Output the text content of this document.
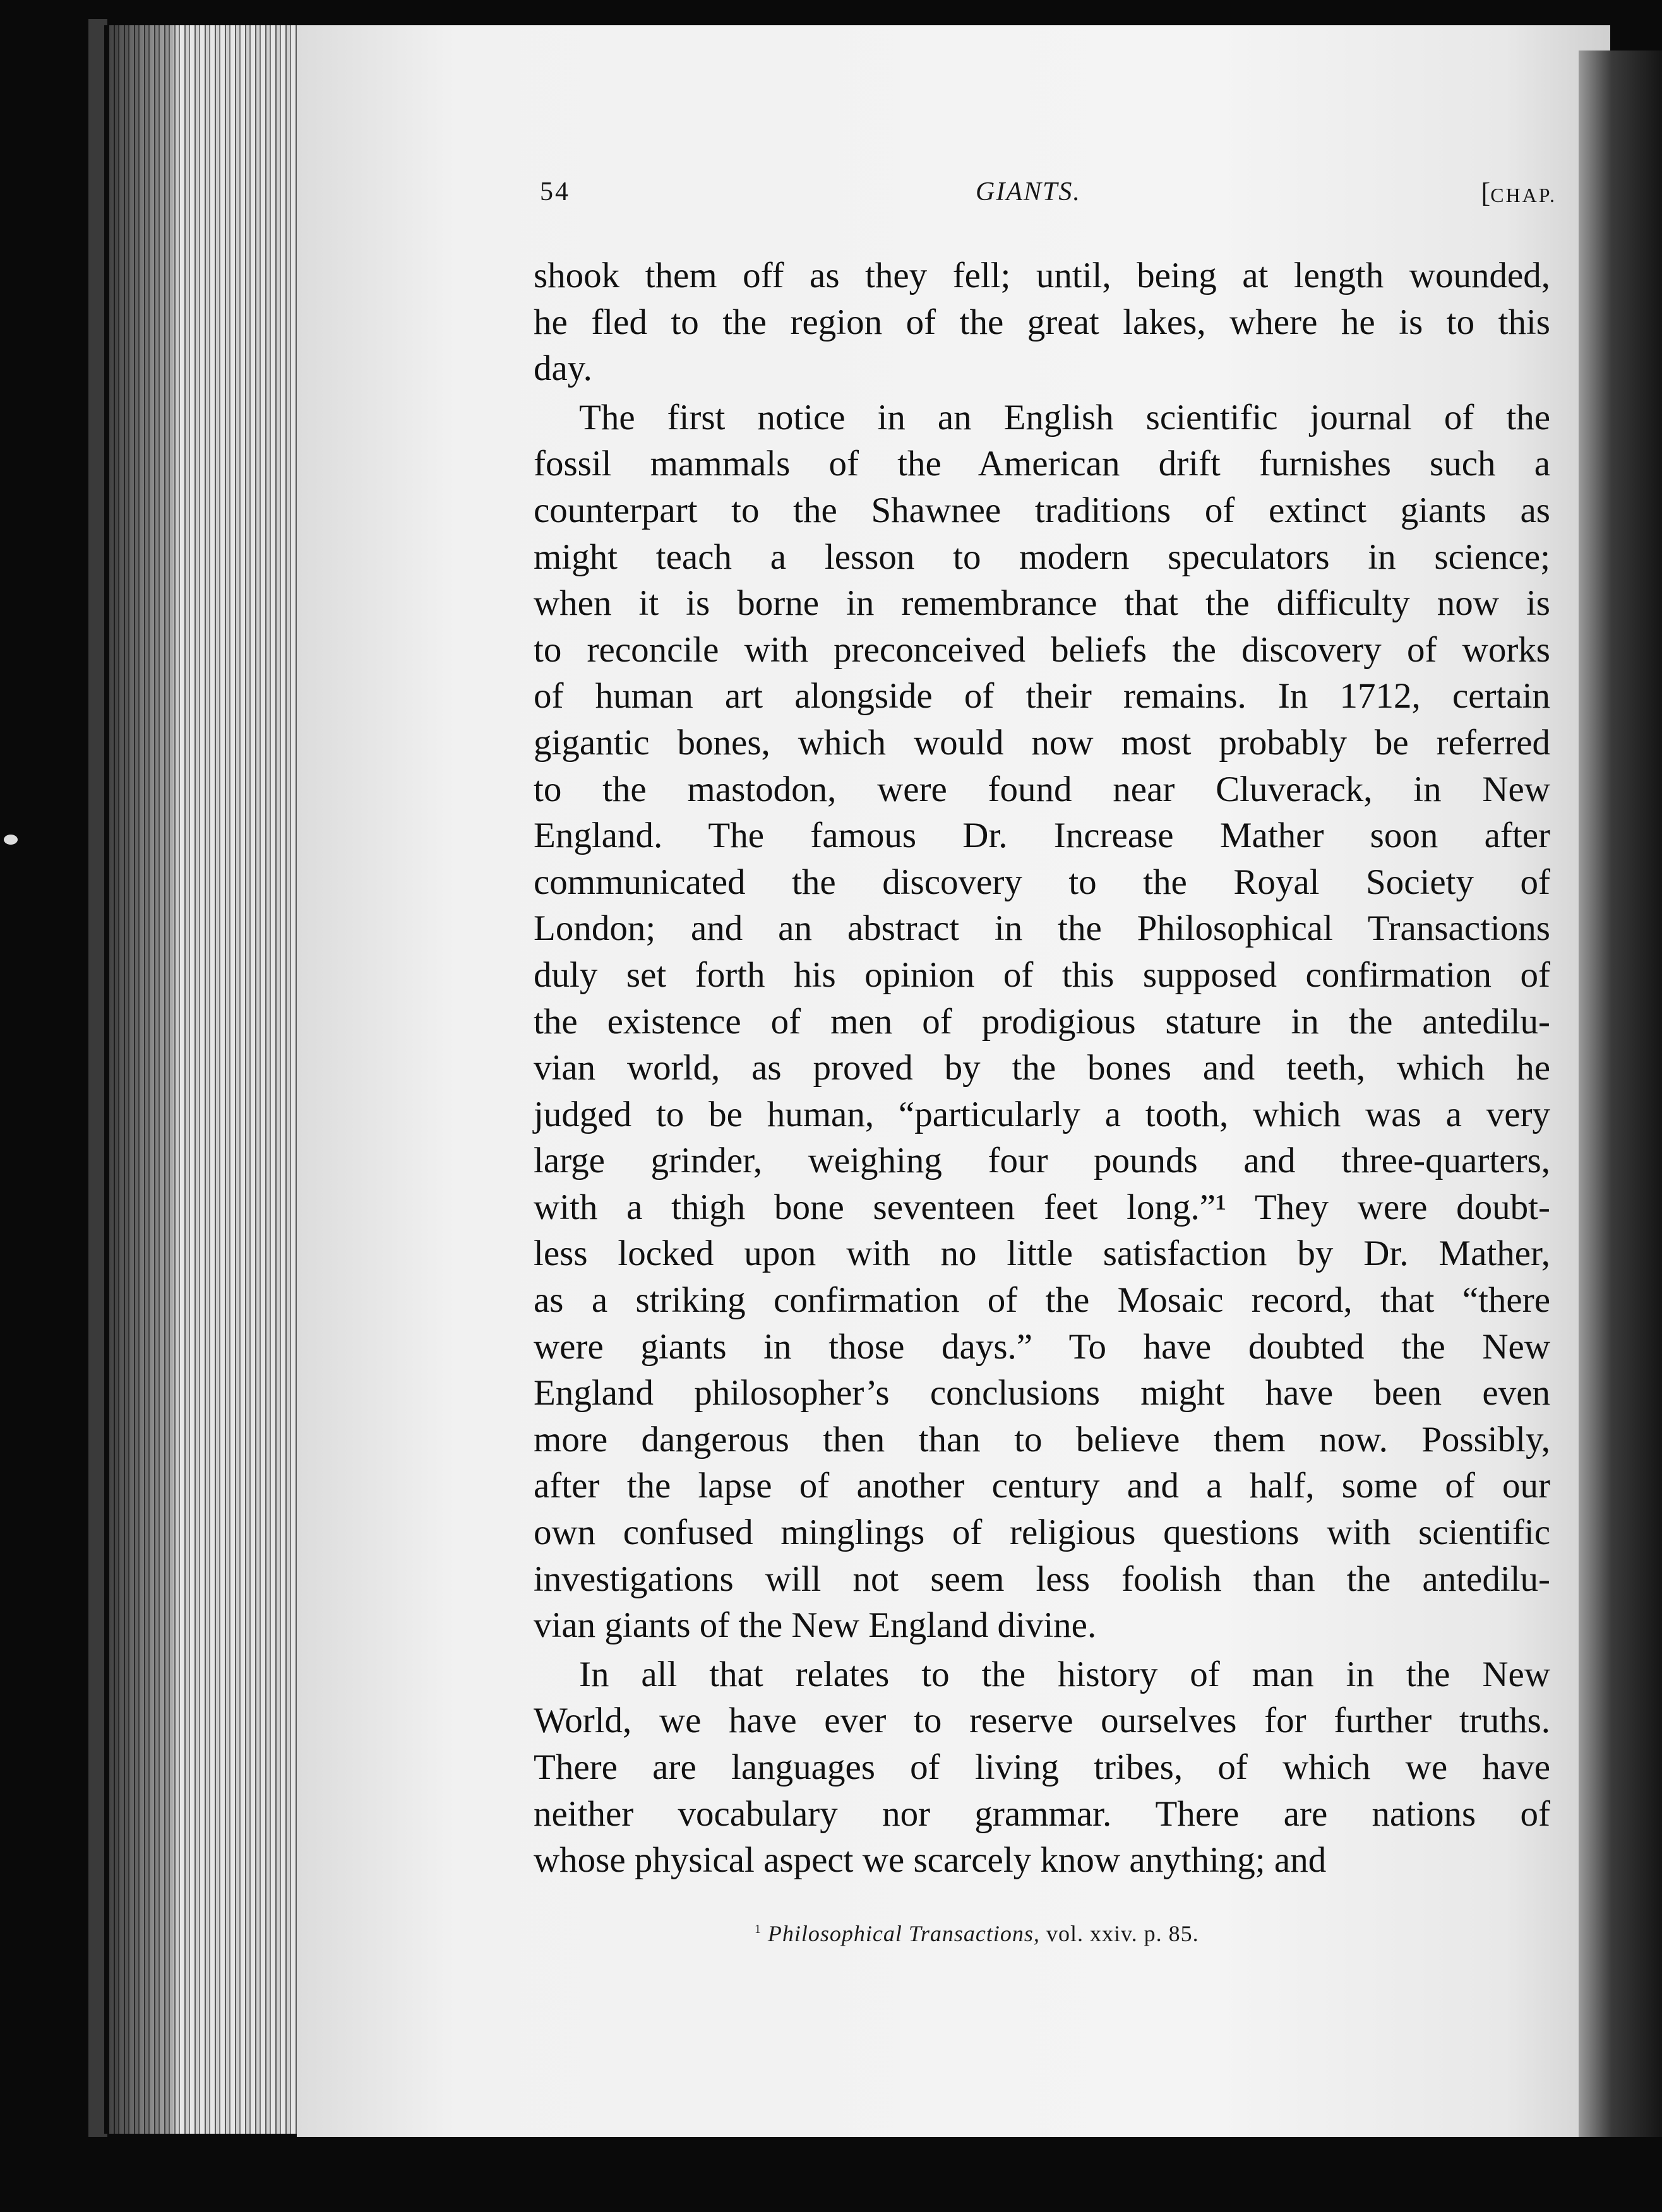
54	GIANTS.	[CHAP.
shook them off as they fell; until, being at length wounded,
he fled to the region of the great lakes, where he is to this
day.
The first notice in an English scientific journal of the
fossil mammals of the American drift furnishes such a
counterpart to the Shawnee traditions of extinct giants as
might teach a lesson to modern speculators in science;
when it is borne in remembrance that the difficulty now is
to reconcile with preconceived beliefs the discovery of works
of human art alongside of their remains. In 1712, certain
gigantic bones, which would now most probably be referred
to the mastodon, were found near Cluverack, in New
England. The famous Dr. Increase Mather soon after
communicated the discovery to the Royal Society of
London; and an abstract in the Philosophical Transactions
duly set forth his opinion of this supposed confirmation of
the existence of men of prodigious stature in the antedilu-
vian world, as proved by the bones and teeth, which he
judged to be human, “particularly a tooth, which was a very
large grinder, weighing four pounds and three-quarters,
with a thigh bone seventeen feet long.”¹ They were doubt-
less locked upon with no little satisfaction by Dr. Mather,
as a striking confirmation of the Mosaic record, that “there
were giants in those days.” To have doubted the New
England philosopher’s conclusions might have been even
more dangerous then than to believe them now. Possibly,
after the lapse of another century and a half, some of our
own confused minglings of religious questions with scientific
investigations will not seem less foolish than the antedilu-
vian giants of the New England divine.
In all that relates to the history of man in the New
World, we have ever to reserve ourselves for further truths.
There are languages of living tribes, of which we have
neither vocabulary nor grammar. There are nations of
whose physical aspect we scarcely know anything; and
$^1$ Philosophical Transactions, vol. xxiv. p. 85.
